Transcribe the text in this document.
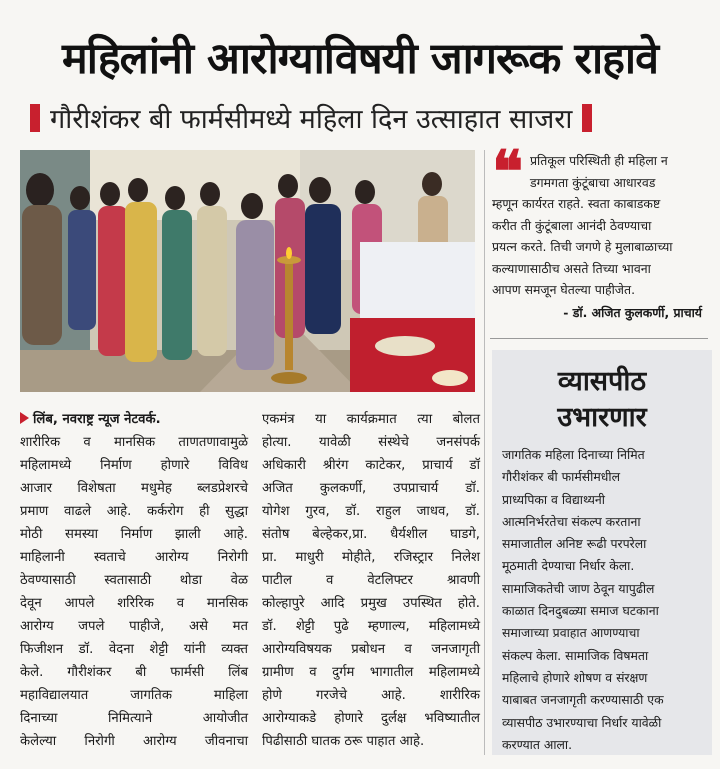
महिलांनी आरोग्याविषयी जागरूक राहावे
गौरीशंकर बी फार्मसीमध्ये महिला दिन उत्साहात साजरा
❝ प्रतिकूल परिस्थिती ही महिला न
डगमगता कुंटूंबाचा आधारवड
म्हणून कार्यरत राहते. स्वता काबाडकष्ट
करीत ती कुंटूंबाला आनंदी ठेवण्याचा
प्रयत्न करते. तिची जगणे हे मुलाबाळाच्या
कल्याणासाठीच असते तिच्या भावना
आपण समजून घेतल्या पाहीजेत.
- डॉ. अजित कुलकर्णी, प्राचार्य
व्यासपीठ
उभारणार
जागतिक महिला दिनाच्या निमित
गौरीशंकर बी फार्मसीमधील
प्राध्यपिका व विद्याथ्यनी
आत्मनिर्भरतेचा संकल्प करताना
समाजातील अनिष्ट रूढी परपरेला
मूठमाती देण्याचा निर्धार केला.
सामाजिकतेची जाण ठेवून यापुढील
काळात दिनदुबळ्या समाज घटकाना
समाजाच्या प्रवाहात आणण्याचा
संकल्प केला. सामाजिक विषमता
महिलाचे होणारे शोषण व संरक्षण
याबाबत जनजागृती करण्यासाठी एक
व्यासपीठ उभारण्याचा निर्धार यावेळी
करण्यात आला.
लिंब, नवराष्ट्र न्यूज नेटवर्क.
शारीरिक व मानसिक ताणतणावामुळे
महिलामध्ये निर्माण होणारे विविध
आजार विशेषता मधुमेह ब्लडप्रेशरचे
प्रमाण वाढले आहे. कर्करोग ही सुद्धा
मोठी समस्या निर्माण झाली आहे.
माहिलानी स्वताचे आरोग्य निरोगी
ठेवण्यासाठी स्वतासाठी थोडा वेळ
देवून आपले शरिरिक व मानसिक
आरोग्य जपले पाहीजे, असे मत
फिजीशन डॉ. वेदना शेट्टी यांनी व्यक्त
केले. गौरीशंकर बी फार्मसी लिंब
महाविद्यालयात जागतिक माहिला
दिनाच्या निमित्याने आयोजीत
केलेल्या निरोगी आरोग्य जीवनाचा
एकमंत्र या कार्यक्रमात त्या बोलत
होत्या. यावेळी संस्थेचे जनसंपर्क
अधिकारी श्रीरंग काटेकर, प्राचार्य डॉ
अजित कुलकर्णी, उपप्राचार्य डॉ.
योगेश गुरव, डॉ. राहुल जाधव, डॉ.
संतोष बेल्हेकर,प्रा. धैर्यशील घाडगे,
प्रा. माधुरी मोहीते, रजिस्ट्रार निलेश
पाटील व वेटलिफ्टर श्रावणी
कोल्हापुरे आदि प्रमुख उपस्थित होते.
डॉ. शेट्टी पुढे म्हणाल्य, महिलामध्ये
आरोग्यविषयक प्रबोधन व जनजागृती
ग्रामीण व दुर्गम भागातील महिलामध्ये
होणे गरजेचे आहे. शारीरिक
आरोग्याकडे होणारे दुर्लक्ष भविष्यातील
पिढीसाठी घातक ठरू पाहात आहे.
